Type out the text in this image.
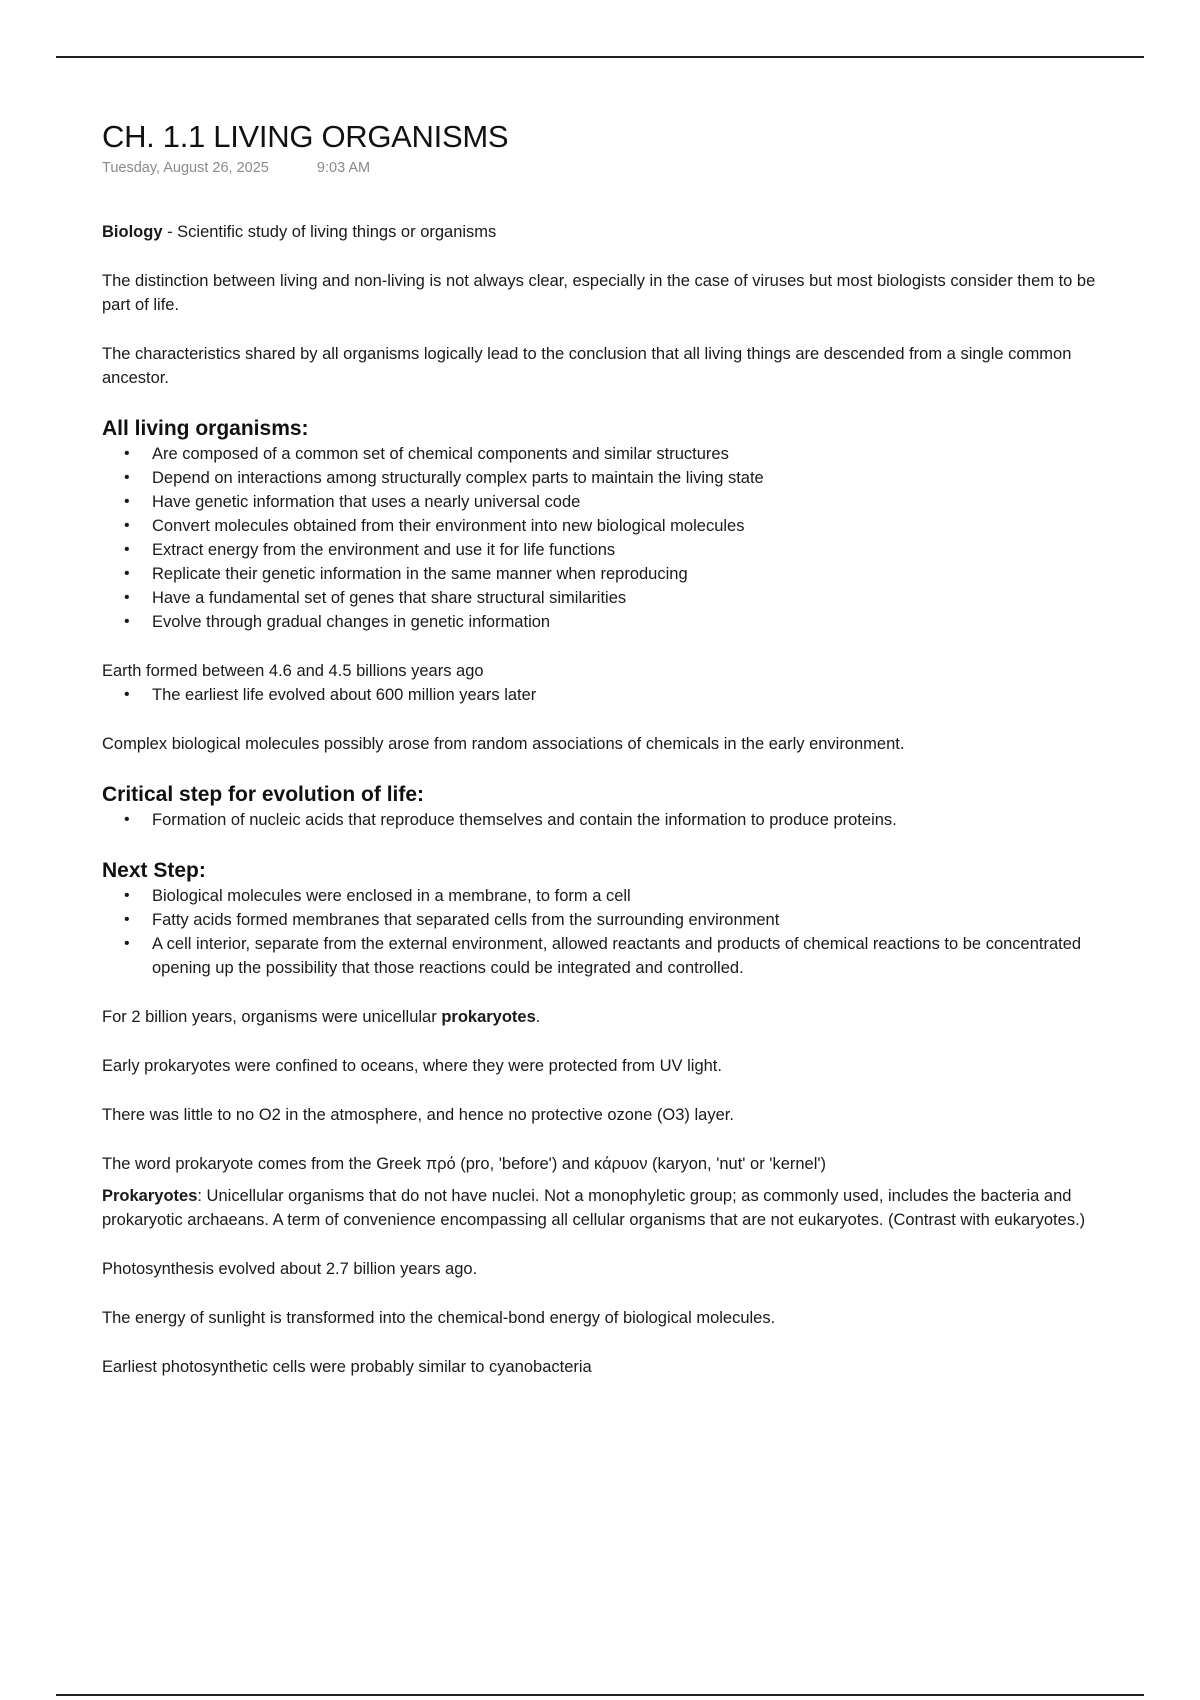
CH. 1.1 LIVING ORGANISMS
Tuesday, August 26, 2025	9:03 AM

Biology - Scientific study of living things or organisms

The distinction between living and non-living is not always clear, especially in the case of viruses but most biologists consider them to be part of life.

The characteristics shared by all organisms logically lead to the conclusion that all living things are descended from a single common ancestor.

All living organisms:
• Are composed of a common set of chemical components and similar structures
• Depend on interactions among structurally complex parts to maintain the living state
• Have genetic information that uses a nearly universal code
• Convert molecules obtained from their environment into new biological molecules
• Extract energy from the environment and use it for life functions
• Replicate their genetic information in the same manner when reproducing
• Have a fundamental set of genes that share structural similarities
• Evolve through gradual changes in genetic information

Earth formed between 4.6 and 4.5 billions years ago

• The earliest life evolved about 600 million years later

Complex biological molecules possibly arose from random associations of chemicals in the early environment.

Critical step for evolution of life:
• Formation of nucleic acids that reproduce themselves and contain the information to produce proteins.
Next Step:
• Biological molecules were enclosed in a membrane, to form a cell
• Fatty acids formed membranes that separated cells from the surrounding environment
• A cell interior, separate from the external environment, allowed reactants and products of chemical reactions to be concentrated opening up the possibility that those reactions could be integrated and controlled.

For 2 billion years, organisms were unicellular prokaryotes.

Early prokaryotes were confined to oceans, where they were protected from UV light.

There was little to no O2 in the atmosphere, and hence no protective ozone (O3) layer.

The word prokaryote comes from the Greek πρό (pro, 'before') and κάρυον (karyon, 'nut' or 'kernel')

Prokaryotes: Unicellular organisms that do not have nuclei. Not a monophyletic group; as commonly used, includes the bacteria and prokaryotic archaeans. A term of convenience encompassing all cellular organisms that are not eukaryotes. (Contrast with eukaryotes.)

Photosynthesis evolved about 2.7 billion years ago.

The energy of sunlight is transformed into the chemical-bond energy of biological molecules.

Earliest photosynthetic cells were probably similar to cyanobacteria
